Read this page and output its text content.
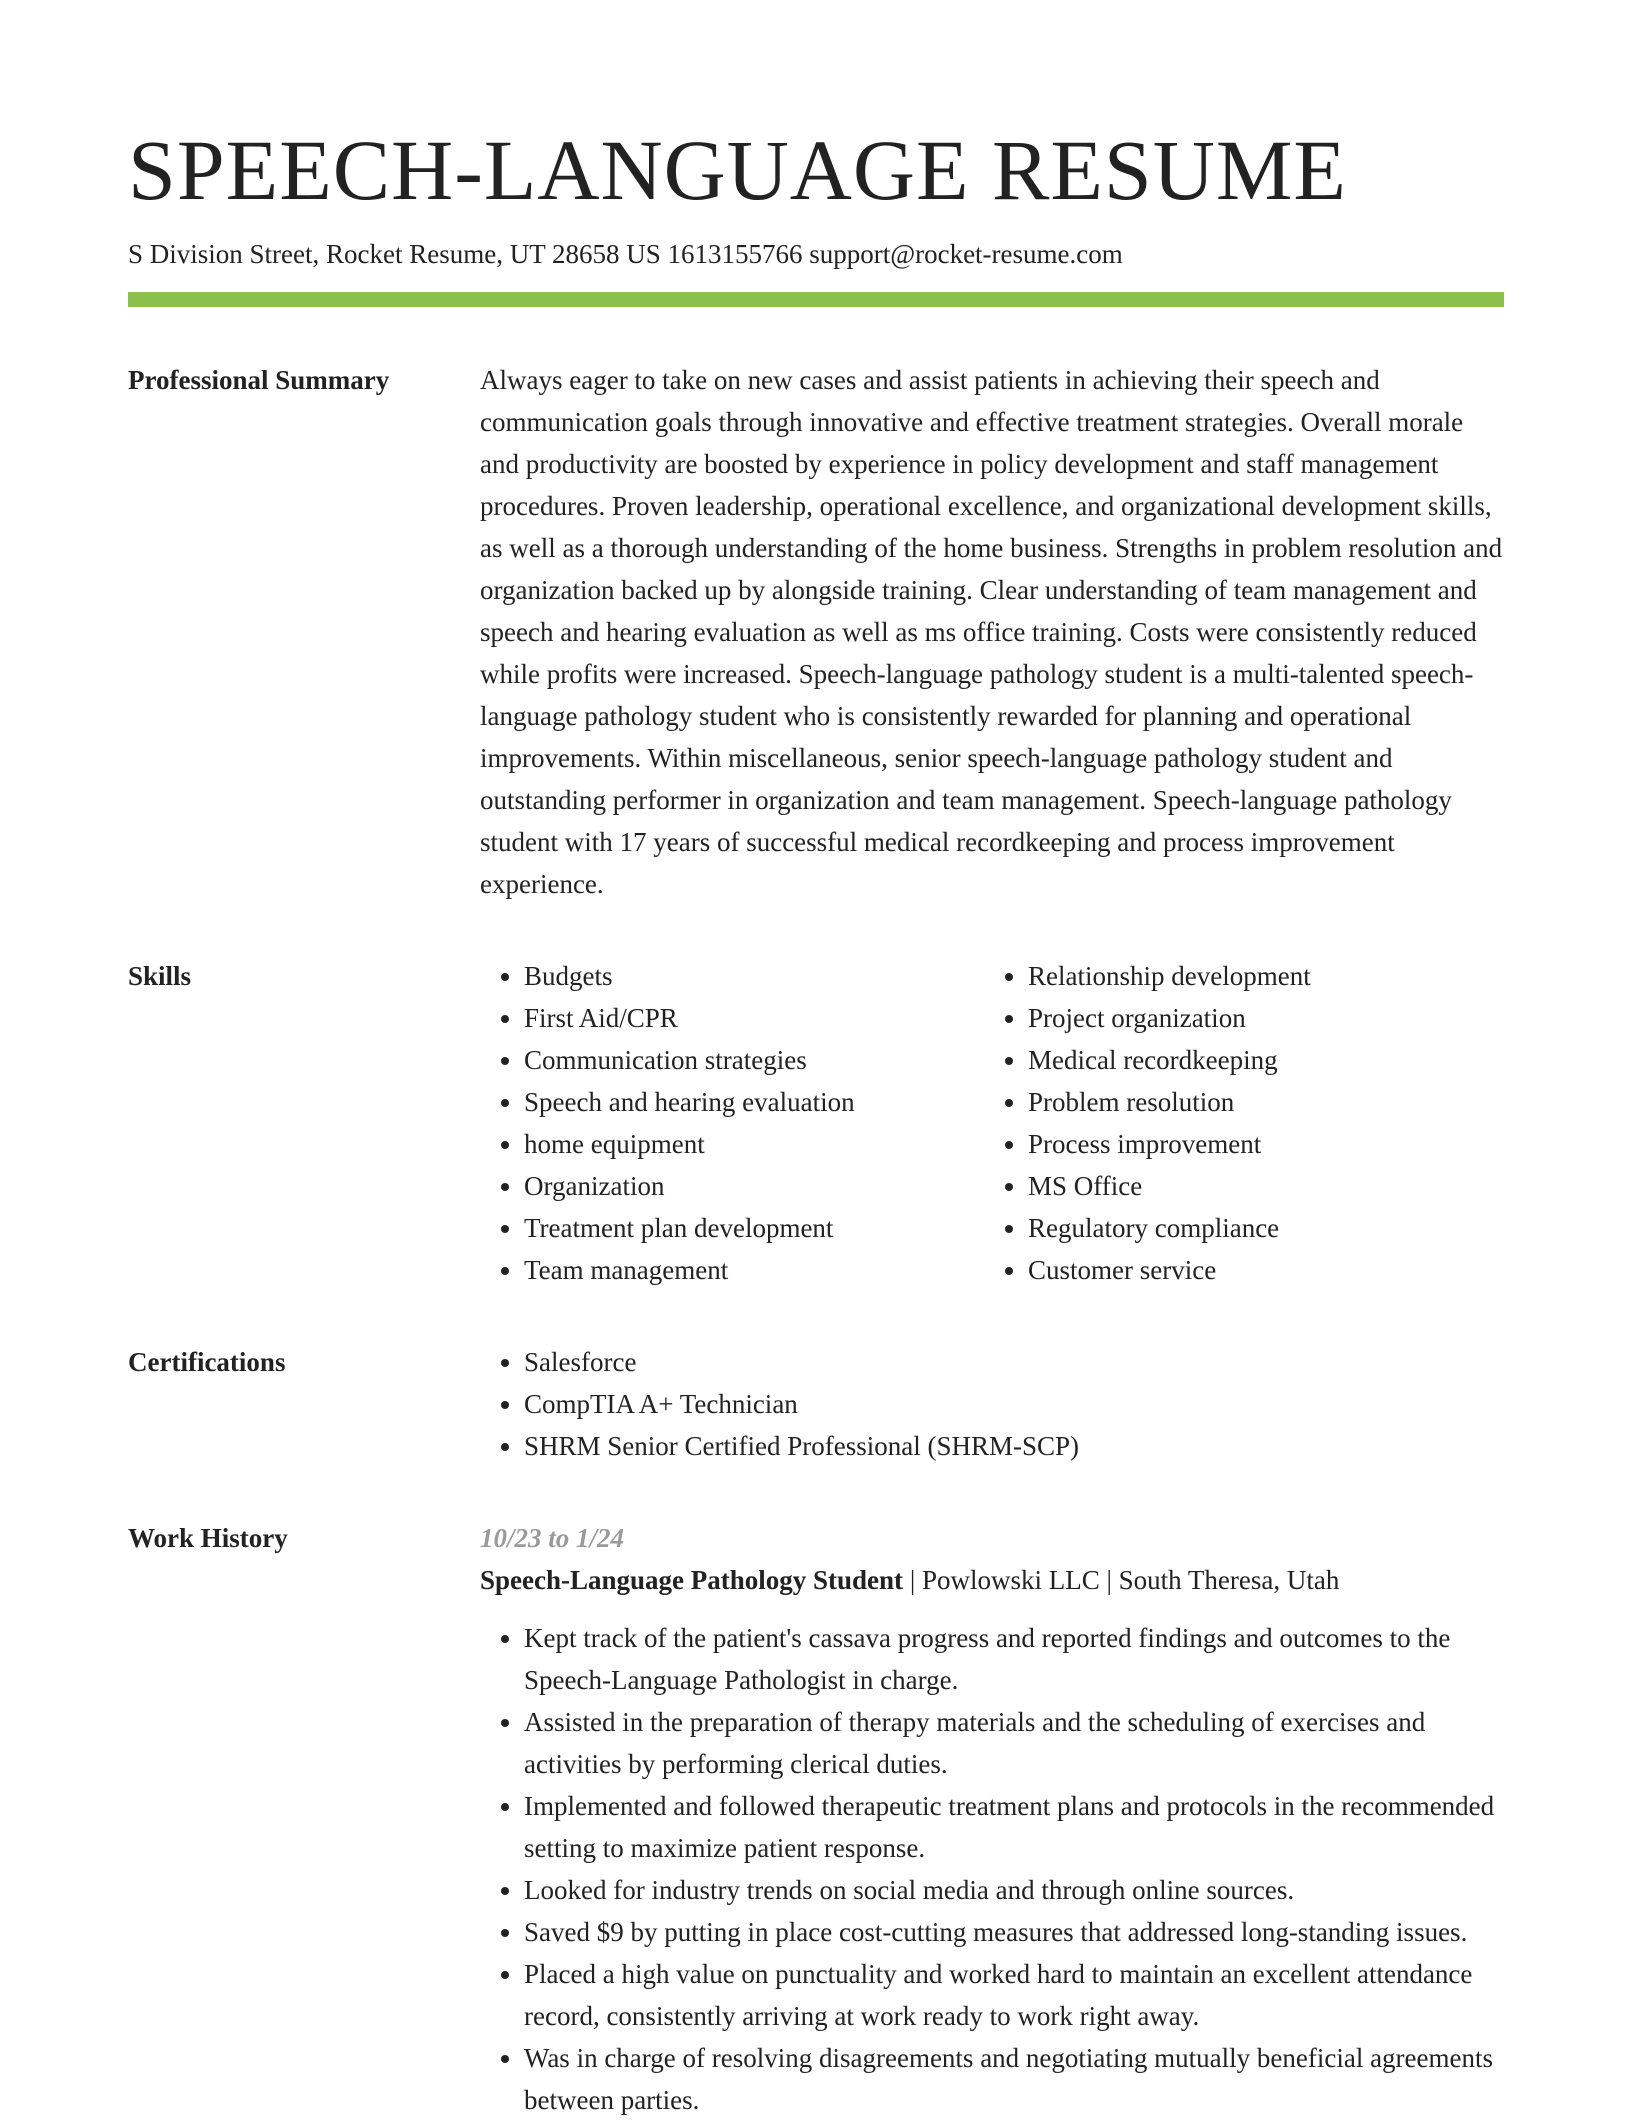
SPEECH-LANGUAGE RESUME
S Division Street, Rocket Resume, UT 28658 US 1613155766 support@rocket-resume.com
Professional Summary	Always eager to take on new cases and assist patients in achieving their speech and communication goals through innovative and effective treatment strategies. Overall morale and productivity are boosted by experience in policy development and staff management procedures. Proven leadership, operational excellence, and organizational development skills, as well as a thorough understanding of the home business. Strengths in problem resolution and organization backed up by alongside training. Clear understanding of team management and speech and hearing evaluation as well as ms office training. Costs were consistently reduced while profits were increased. Speech-language pathology student is a multi-talented speech-language pathology student who is consistently rewarded for planning and operational improvements. Within miscellaneous, senior speech-language pathology student and outstanding performer in organization and team management. Speech-language pathology student with 17 years of successful medical recordkeeping and process improvement experience.

Skills	• Budgets
• First Aid/CPR
• Communication strategies
• Speech and hearing evaluation
• home equipment
• Organization
• Treatment plan development
• Team management
• Relationship development
• Project organization
• Medical recordkeeping
• Problem resolution
• Process improvement
• MS Office
• Regulatory compliance
• Customer service
Certifications	• Salesforce
• CompTIA A+ Technician
• SHRM Senior Certified Professional (SHRM-SCP)
Work History	10/23 to 1/24
Speech-Language Pathology Student | Powlowski LLC | South Theresa, Utah
• Kept track of the patient's cassava progress and reported findings and outcomes to the Speech-Language Pathologist in charge.
• Assisted in the preparation of therapy materials and the scheduling of exercises and activities by performing clerical duties.
• Implemented and followed therapeutic treatment plans and protocols in the recommended setting to maximize patient response.
• Looked for industry trends on social media and through online sources.
• Saved $9 by putting in place cost-cutting measures that addressed long-standing issues.
• Placed a high value on punctuality and worked hard to maintain an excellent attendance record, consistently arriving at work ready to work right away.
• Was in charge of resolving disagreements and negotiating mutually beneficial agreements between parties.
